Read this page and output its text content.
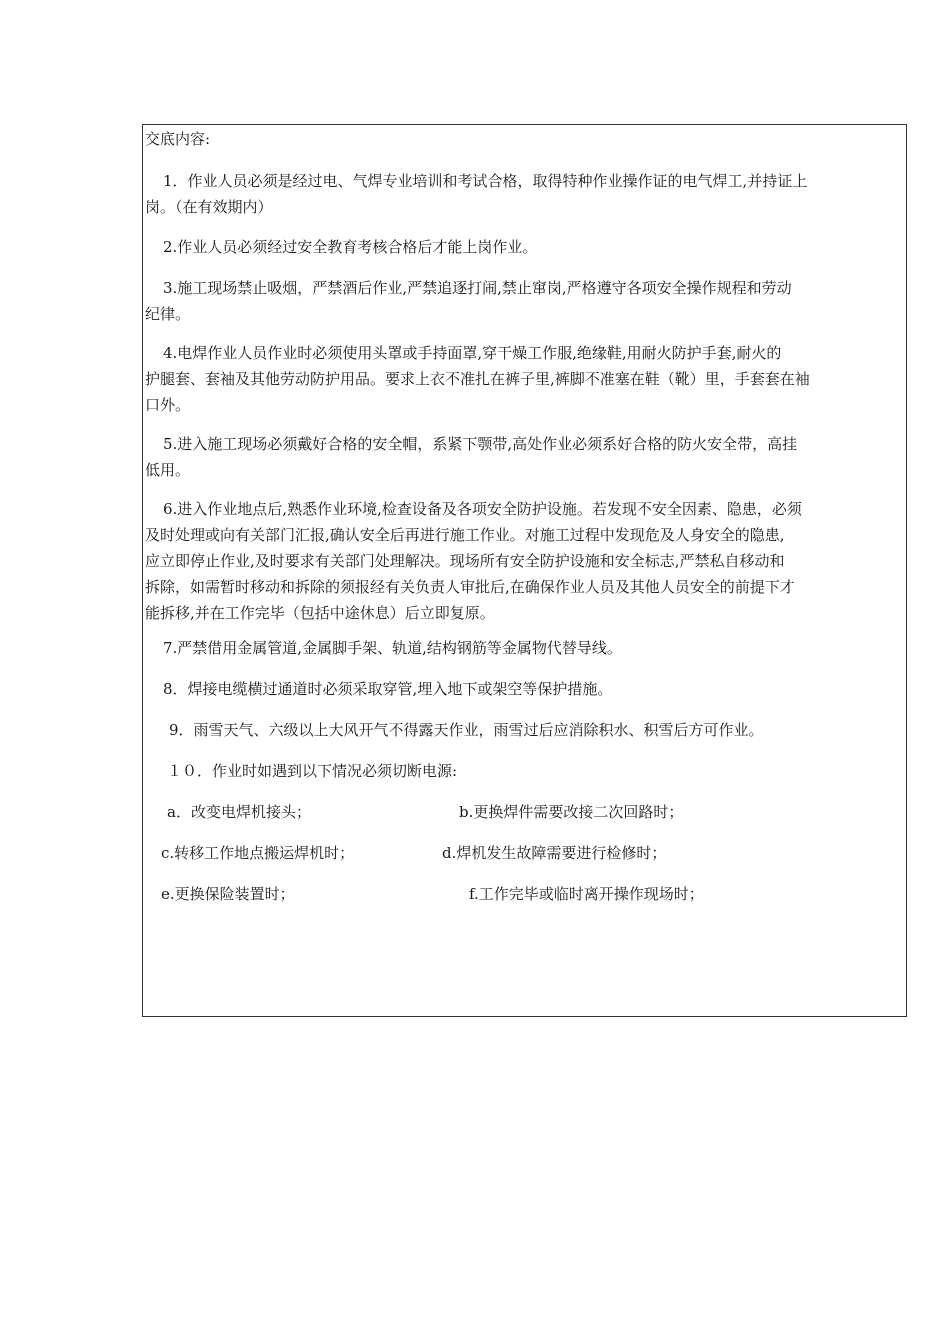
交底内容:
1．作业人员必须是经过电、气焊专业培训和考试合格，取得特种作业操作证的电气焊工,并持证上
岗。（在有效期内）
2.作业人员必须经过安全教育考核合格后才能上岗作业。
3.施工现场禁止吸烟，严禁酒后作业,严禁追逐打闹,禁止窜岗,严格遵守各项安全操作规程和劳动
纪律。
4.电焊作业人员作业时必须使用头罩或手持面罩,穿干燥工作服,绝缘鞋,用耐火防护手套,耐火的
护腿套、套袖及其他劳动防护用品。要求上衣不准扎在裤子里,裤脚不准塞在鞋（靴）里，手套套在袖
口外。
5.进入施工现场必须戴好合格的安全帽，系紧下颚带,高处作业必须系好合格的防火安全带，高挂
低用。
6.进入作业地点后,熟悉作业环境,检查设备及各项安全防护设施。若发现不安全因素、隐患，必须
及时处理或向有关部门汇报,确认安全后再进行施工作业。对施工过程中发现危及人身安全的隐患,
应立即停止作业,及时要求有关部门处理解决。现场所有安全防护设施和安全标志,严禁私自移动和
拆除，如需暂时移动和拆除的须报经有关负责人审批后,在确保作业人员及其他人员安全的前提下才
能拆移,并在工作完毕（包括中途休息）后立即复原。
7.严禁借用金属管道,金属脚手架、轨道,结构钢筋等金属物代替导线。
8．焊接电缆横过通道时必须采取穿管,埋入地下或架空等保护措施。
9．雨雪天气、六级以上大风开气不得露天作业，雨雪过后应消除积水、积雪后方可作业。
１０．作业时如遇到以下情况必须切断电源:
a．改变电焊机接头；	b.更换焊件需要改接二次回路时；
c.转移工作地点搬运焊机时；	d.焊机发生故障需要进行检修时；
e.更换保险装置时；	f.工作完毕或临时离开操作现场时；
